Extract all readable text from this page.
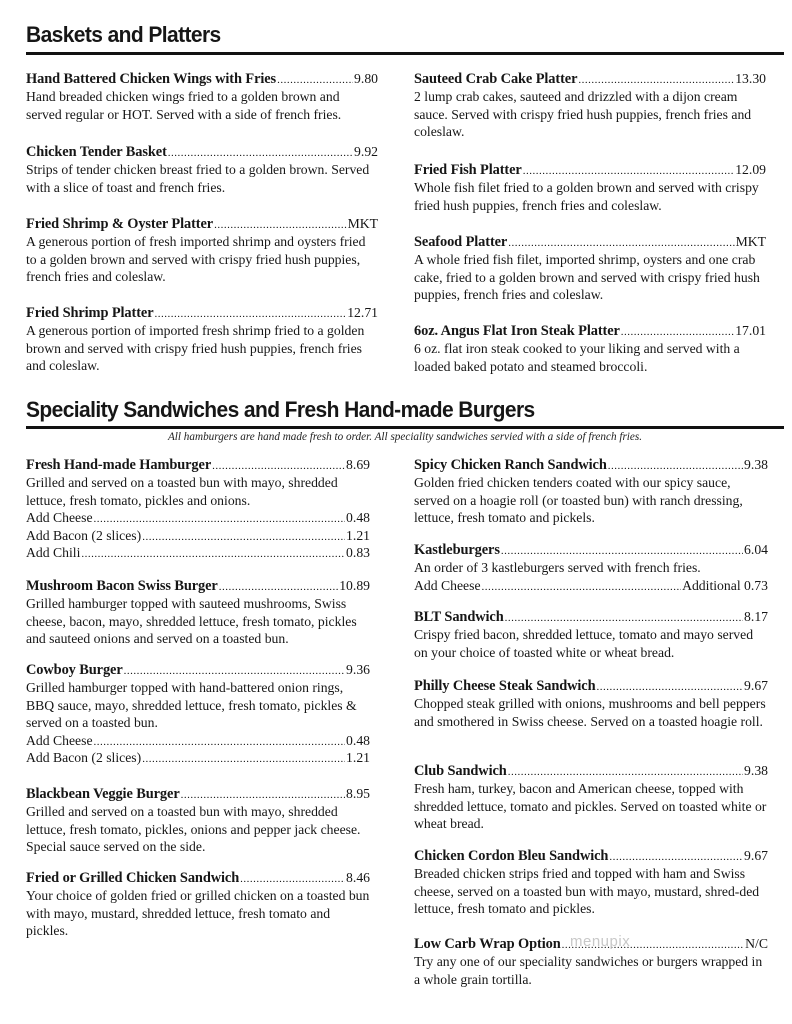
Baskets and Platters
Hand Battered Chicken Wings with Fries .....	9.80

Hand breaded chicken wings fried to a golden brown and served regular or HOT. Served with a side of french fries.

Chicken Tender Basket .....	9.92

Strips of tender chicken breast fried to a golden brown. Served with a slice of toast and french fries.

Fried Shrimp & Oyster Platter .....	MKT

A generous portion of fresh imported shrimp and oysters fried to a golden brown and served with crispy fried hush puppies, french fries and coleslaw.

Fried Shrimp Platter .....	12.71

A generous portion of imported fresh shrimp fried to a golden brown and served with crispy fried hush puppies, french fries and coleslaw.

Sauteed Crab Cake Platter .....	13.30

2 lump crab cakes, sauteed and drizzled with a dijon cream sauce. Served with crispy fried hush puppies, french fries and coleslaw.

Fried Fish Platter .....	12.09

Whole fish filet fried to a golden brown and served with crispy fried hush puppies, french fries and coleslaw.

Seafood Platter .....	MKT

A whole fried fish filet, imported shrimp, oysters and one crab cake, fried to a golden brown and served with crispy fried hush puppies, french fries and coleslaw.

6oz. Angus Flat Iron Steak Platter .....	17.01

6 oz. flat iron steak cooked to your liking and served with a loaded baked potato and steamed broccoli.

Speciality Sandwiches and Fresh Hand-made Burgers
All hamburgers are hand made fresh to order. All speciality sandwiches servied with a side of french fries.
Fresh Hand-made Hamburger .....	8.69

Grilled and served on a toasted bun with mayo, shredded lettuce, fresh tomato, pickles and onions.

Add Cheese .....	0.48
Add Bacon (2 slices) .....	1.21
Add Chili .....	0.83
Mushroom Bacon Swiss Burger .....	10.89

Grilled hamburger topped with sauteed mushrooms, Swiss cheese, bacon, mayo, shredded lettuce, fresh tomato, pickles and sauteed onions and served on a toasted bun.

Cowboy Burger .....	9.36

Grilled hamburger topped with hand-battered onion rings, BBQ sauce, mayo, shredded lettuce, fresh tomato, pickles & served on a toasted bun.

Add Cheese .....	0.48
Add Bacon (2 slices) .....	1.21
Blackbean Veggie Burger .....	8.95

Grilled and served on a toasted bun with mayo, shredded lettuce, fresh tomato, pickles, onions and pepper jack cheese. Special sauce served on the side.

Fried or Grilled Chicken Sandwich .....	8.46

Your choice of golden fried or grilled chicken on a toasted bun with mayo, mustard, shredded lettuce, fresh tomato and pickles.

Spicy Chicken Ranch Sandwich .....	9.38

Golden fried chicken tenders coated with our spicy sauce, served on a hoagie roll (or toasted bun) with ranch dressing, lettuce, fresh tomato and pickels.

Kastleburgers .....	6.04

An order of 3 kastleburgers served with french fries.

Add Cheese .....	Additional 0.73
BLT Sandwich .....	8.17

Crispy fried bacon, shredded lettuce, tomato and mayo served on your choice of toasted white or wheat bread.

Philly Cheese Steak Sandwich .....	9.67

Chopped steak grilled with onions, mushrooms and bell peppers and smothered in Swiss cheese. Served on a toasted hoagie roll.

Club Sandwich .....	9.38

Fresh ham, turkey, bacon and American cheese, topped with shredded lettuce, tomato and pickles. Served on toasted white or wheat bread.

Chicken Cordon Bleu Sandwich .....	9.67

Breaded chicken strips fried and topped with ham and Swiss cheese, served on a toasted bun with mayo, mustard, shred-ded lettuce, fresh tomato and pickles.

Low Carb Wrap Option .....	N/C

Try any one of our speciality sandwiches or burgers wrapped in a whole grain tortilla.

menupix
